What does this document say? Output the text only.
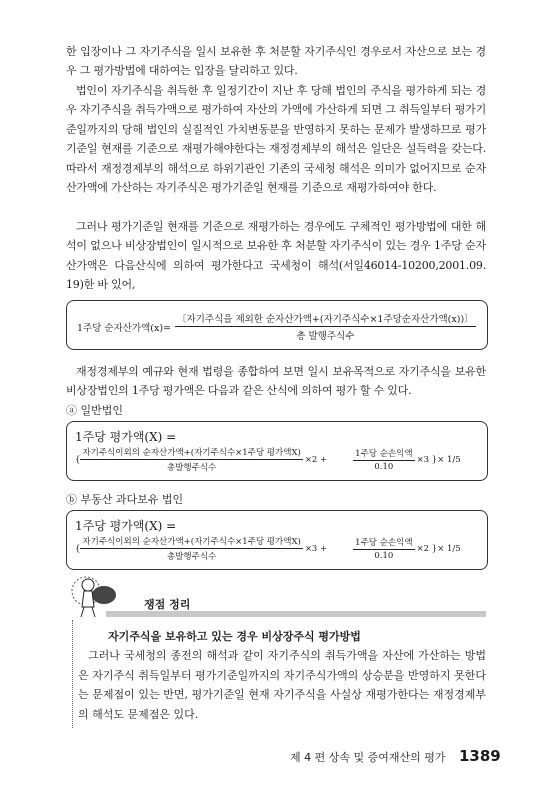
한 입장이나 그 자기주식을 일시 보유한 후 처분할 자기주식인 경우로서 자산으로 보는 경우 그 평가방법에 대하여는 입장을 달리하고 있다.

법인이 자기주식을 취득한 후 일정기간이 지난 후 당해 법인의 주식을 평가하게 되는 경우 자기주식을 취득가액으로 평가하여 자산의 가액에 가산하게 되면 그 취득일부터 평가기준일까지의 당해 법인의 실질적인 가치변동분을 반영하지 못하는 문제가 발생하므로 평가기준일 현재를 기준으로 재평가해야한다는 재정경제부의 해석은 일단은 설득력을 갖는다. 따라서 재정경제부의 해석으로 하위기관인 기존의 국세청 해석은 의미가 없어지므로 순자산가액에 가산하는 자기주식은 평가기준일 현재를 기준으로 재평가하여야 한다.

그러나 평가기준일 현재를 기준으로 재평가하는 경우에도 구체적인 평가방법에 대한 해석이 없으나 비상장법인이 일시적으로 보유한 후 처분할 자기주식이 있는 경우 1주당 순자산가액은 다음산식에 의하여 평가한다고 국세청이 해석(서일46014-10200,2001.09. 19)한 바 있어,

1주당 순자산가액$(x)= \frac{\text{〔자기주식을 제외한 순자산가액+(자기주식수×1주당순자산가액(x))〕}}{\text{총 발행주식수}}$

재정경제부의 예규와 현재 법령을 종합하여 보면 일시 보유목적으로 자기주식을 보유한 비상장법인의 1주당 평가액은 다음과 같은 산식에 의하여 평가 할 수 있다.

ⓐ 일반법인
1주당 평가액(X) =
{ $\frac{\text{자기주식이외의 순자산가액+(자기주식수×1주당 평가액X)}}{\text{총발행주식수}} \times 2$ +	$\frac{\text{1주당 순손익액}}{0.10} \times 3$ }× 1/5
ⓑ 부동산 과다보유 법인
1주당 평가액(X) =
{ $\frac{\text{자기주식이외의 순자산가액+(자기주식수×1주당 평가액X)}}{\text{총발행주식수}} \times 3$ +	$\frac{\text{1주당 순손익액}}{0.10} \times 2$ }× 1/5
쟁점 정리
자기주식을 보유하고 있는 경우 비상장주식 평가방법
그러나 국세청의 종전의 해석과 같이 자기주식의 취득가액을 자산에 가산하는 방법은 자기주식 취득일부터 평가기준일까지의 자기주식가액의 상승분을 반영하지 못한다는 문제점이 있는 반면, 평가기준일 현재 자기주식을 사실상 재평가한다는 재정경제부의 해석도 문제점은 있다.
제 4 편 상속 및 증여재산의 평가 1389
